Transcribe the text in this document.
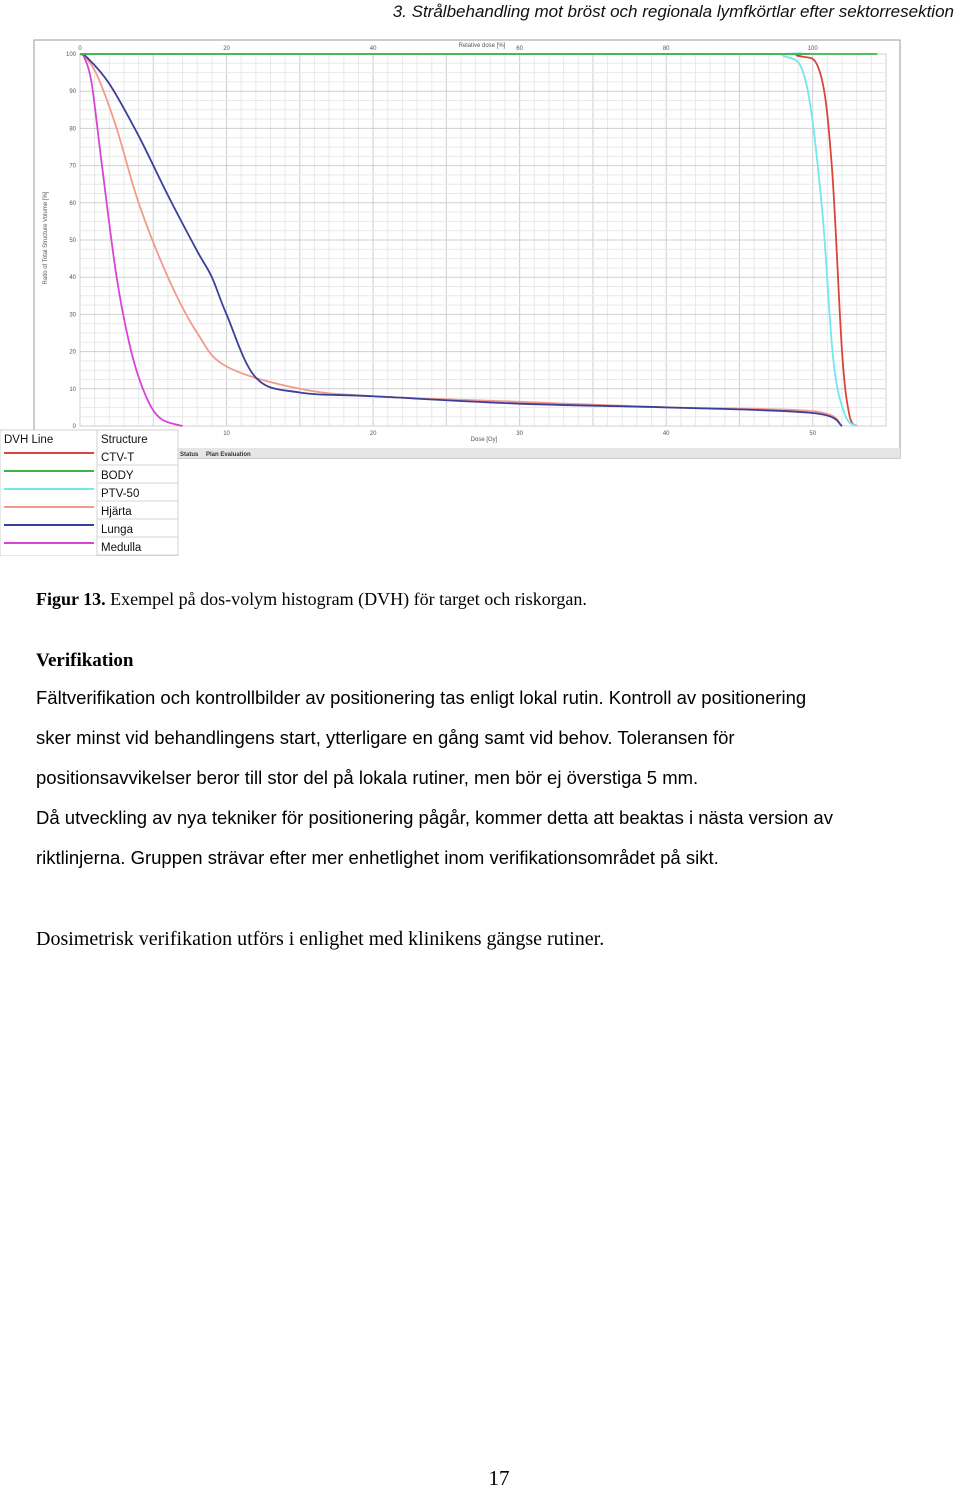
3. Strålbehandling mot bröst och regionala lymfkörtlar efter sektorresektion
0
10
20
30
40
50
60
70
80
90
100
10	20	30	40	50
0	20	40	60	80	100
Relative dose [%]
Dose [Gy]
Ratio of Total Structure Volume [%]
Status Plan Evaluation
DVH Line	Structure
CTV-T
BODY
PTV-50
Hjärta
Lunga
Medulla
Figur 13. Exempel på dos-volym histogram (DVH) för target och riskorgan.
Verifikation
Fältverifikation och kontrollbilder av positionering tas enligt lokal rutin. Kontroll av positionering
sker minst vid behandlingens start, ytterligare en gång samt vid behov. Toleransen för
positionsavvikelser beror till stor del på lokala rutiner, men bör ej överstiga 5 mm.
Då utveckling av nya tekniker för positionering pågår, kommer detta att beaktas i nästa version av
riktlinjerna. Gruppen strävar efter mer enhetlighet inom verifikationsområdet på sikt.
Dosimetrisk verifikation utförs i enlighet med klinikens gängse rutiner.
17
